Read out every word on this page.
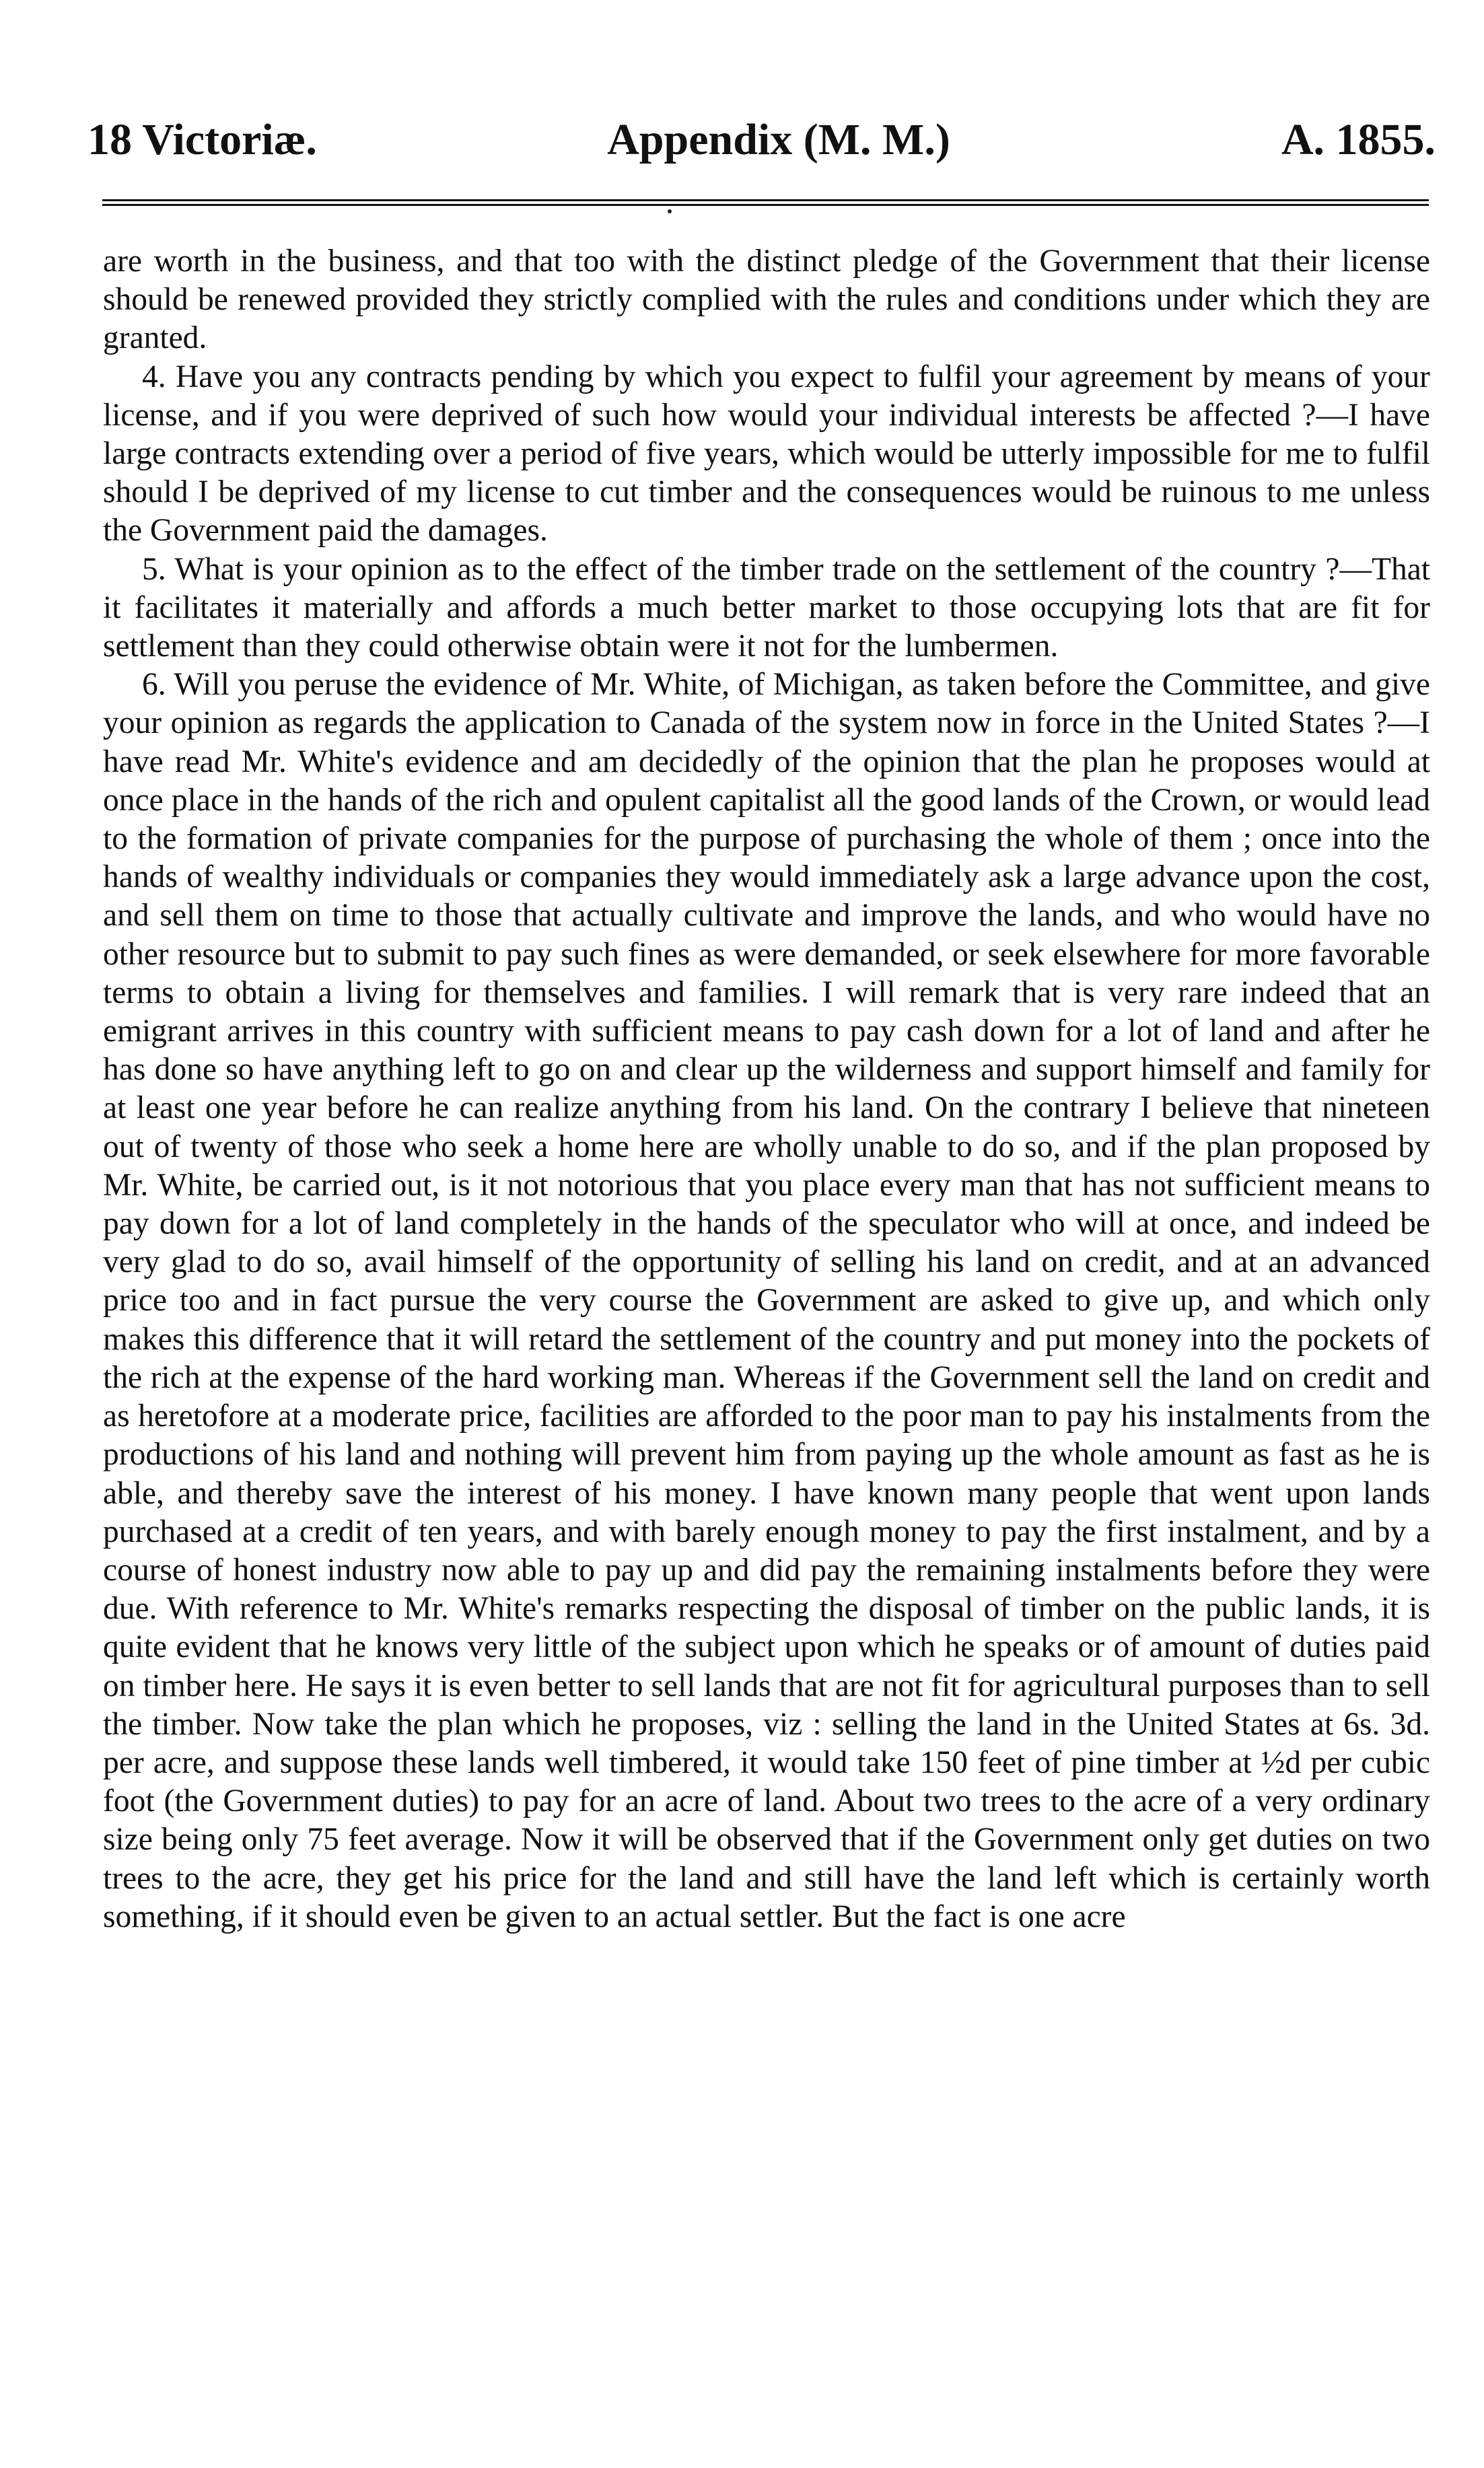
18 Victoriæ.	Appendix (M. M.)	A. 1855.

are worth in the business, and that too with the distinct pledge of the Government that their license should be renewed provided they strictly complied with the rules and conditions under which they are granted.

4. Have you any contracts pending by which you expect to fulfil your agreement by means of your license, and if you were deprived of such how would your individual interests be affected ?—I have large contracts extending over a period of five years, which would be utterly impossible for me to fulfil should I be deprived of my license to cut timber and the consequences would be ruinous to me unless the Government paid the damages.

5. What is your opinion as to the effect of the timber trade on the settlement of the country ?—That it facilitates it materially and affords a much better market to those occupying lots that are fit for settlement than they could otherwise obtain were it not for the lumbermen.

6. Will you peruse the evidence of Mr. White, of Michigan, as taken before the Committee, and give your opinion as regards the application to Canada of the system now in force in the United States ?—I have read Mr. White's evidence and am decidedly of the opinion that the plan he proposes would at once place in the hands of the rich and opulent capitalist all the good lands of the Crown, or would lead to the formation of private companies for the purpose of purchasing the whole of them ; once into the hands of wealthy individuals or companies they would immediately ask a large advance upon the cost, and sell them on time to those that actually cultivate and improve the lands, and who would have no other resource but to submit to pay such fines as were demanded, or seek elsewhere for more favorable terms to obtain a living for themselves and families. I will remark that is very rare indeed that an emigrant arrives in this country with sufficient means to pay cash down for a lot of land and after he has done so have anything left to go on and clear up the wilderness and support himself and family for at least one year before he can realize anything from his land. On the contrary I believe that nineteen out of twenty of those who seek a home here are wholly unable to do so, and if the plan proposed by Mr. White, be carried out, is it not notorious that you place every man that has not sufficient means to pay down for a lot of land completely in the hands of the speculator who will at once, and indeed be very glad to do so, avail himself of the opportunity of selling his land on credit, and at an advanced price too and in fact pursue the very course the Government are asked to give up, and which only makes this difference that it will retard the settlement of the country and put money into the pockets of the rich at the expense of the hard working man. Whereas if the Government sell the land on credit and as heretofore at a moderate price, facilities are afforded to the poor man to pay his instalments from the productions of his land and nothing will prevent him from paying up the whole amount as fast as he is able, and thereby save the interest of his money. I have known many people that went upon lands purchased at a credit of ten years, and with barely enough money to pay the first instalment, and by a course of honest industry now able to pay up and did pay the remaining instalments before they were due. With reference to Mr. White's remarks respecting the disposal of timber on the public lands, it is quite evident that he knows very little of the subject upon which he speaks or of amount of duties paid on timber here. He says it is even better to sell lands that are not fit for agricultural purposes than to sell the timber. Now take the plan which he proposes, viz : selling the land in the United States at 6s. 3d. per acre, and suppose these lands well timbered, it would take 150 feet of pine timber at ½d per cubic foot (the Government duties) to pay for an acre of land. About two trees to the acre of a very ordinary size being only 75 feet average. Now it will be observed that if the Government only get duties on two trees to the acre, they get his price for the land and still have the land left which is certainly worth something, if it should even be given to an actual settler. But the fact is one acre
